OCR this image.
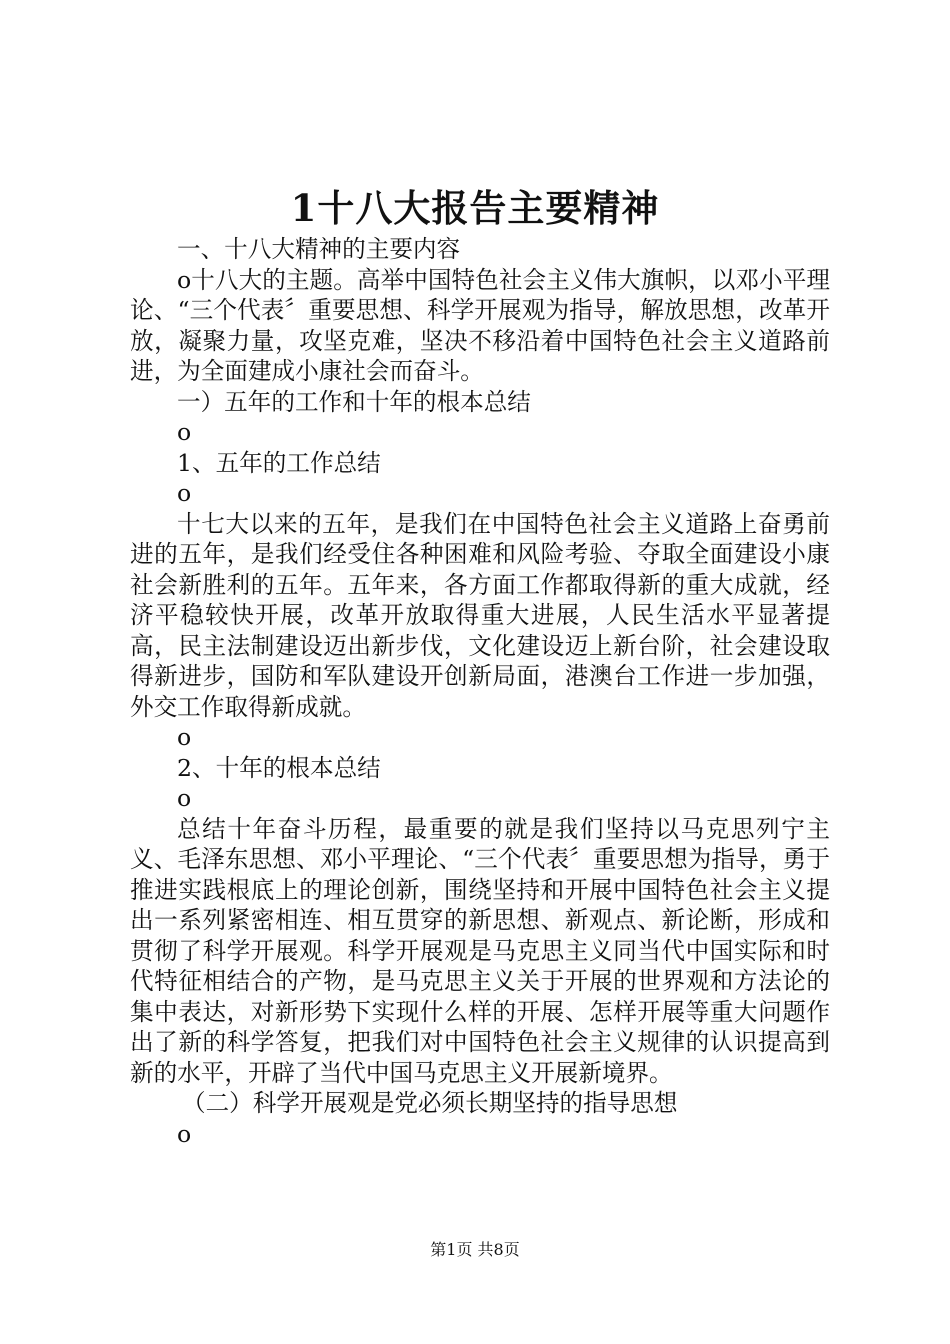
1十八大报告主要精神

一、十八大精神的主要内容

o十八大的主题。高举中国特色社会主义伟大旗帜，以邓小平理论、“三个代表〞重要思想、科学开展观为指导，解放思想，改革开放，凝聚力量，攻坚克难，坚决不移沿着中国特色社会主义道路前进，为全面建成小康社会而奋斗。

一）五年的工作和十年的根本总结

o

1、五年的工作总结

o

十七大以来的五年，是我们在中国特色社会主义道路上奋勇前进的五年，是我们经受住各种困难和风险考验、夺取全面建设小康社会新胜利的五年。五年来，各方面工作都取得新的重大成就，经济平稳较快开展，改革开放取得重大进展，人民生活水平显著提高，民主法制建设迈出新步伐，文化建设迈上新台阶，社会建设取得新进步，国防和军队建设开创新局面，港澳台工作进一步加强，外交工作取得新成就。

o

2、十年的根本总结

o

总结十年奋斗历程，最重要的就是我们坚持以马克思列宁主义、毛泽东思想、邓小平理论、“三个代表〞重要思想为指导，勇于推进实践根底上的理论创新，围绕坚持和开展中国特色社会主义提出一系列紧密相连、相互贯穿的新思想、新观点、新论断，形成和贯彻了科学开展观。科学开展观是马克思主义同当代中国实际和时代特征相结合的产物，是马克思主义关于开展的世界观和方法论的集中表达，对新形势下实现什么样的开展、怎样开展等重大问题作出了新的科学答复，把我们对中国特色社会主义规律的认识提高到新的水平，开辟了当代中国马克思主义开展新境界。

（二）科学开展观是党必须长期坚持的指导思想

o

第1页 共8页
